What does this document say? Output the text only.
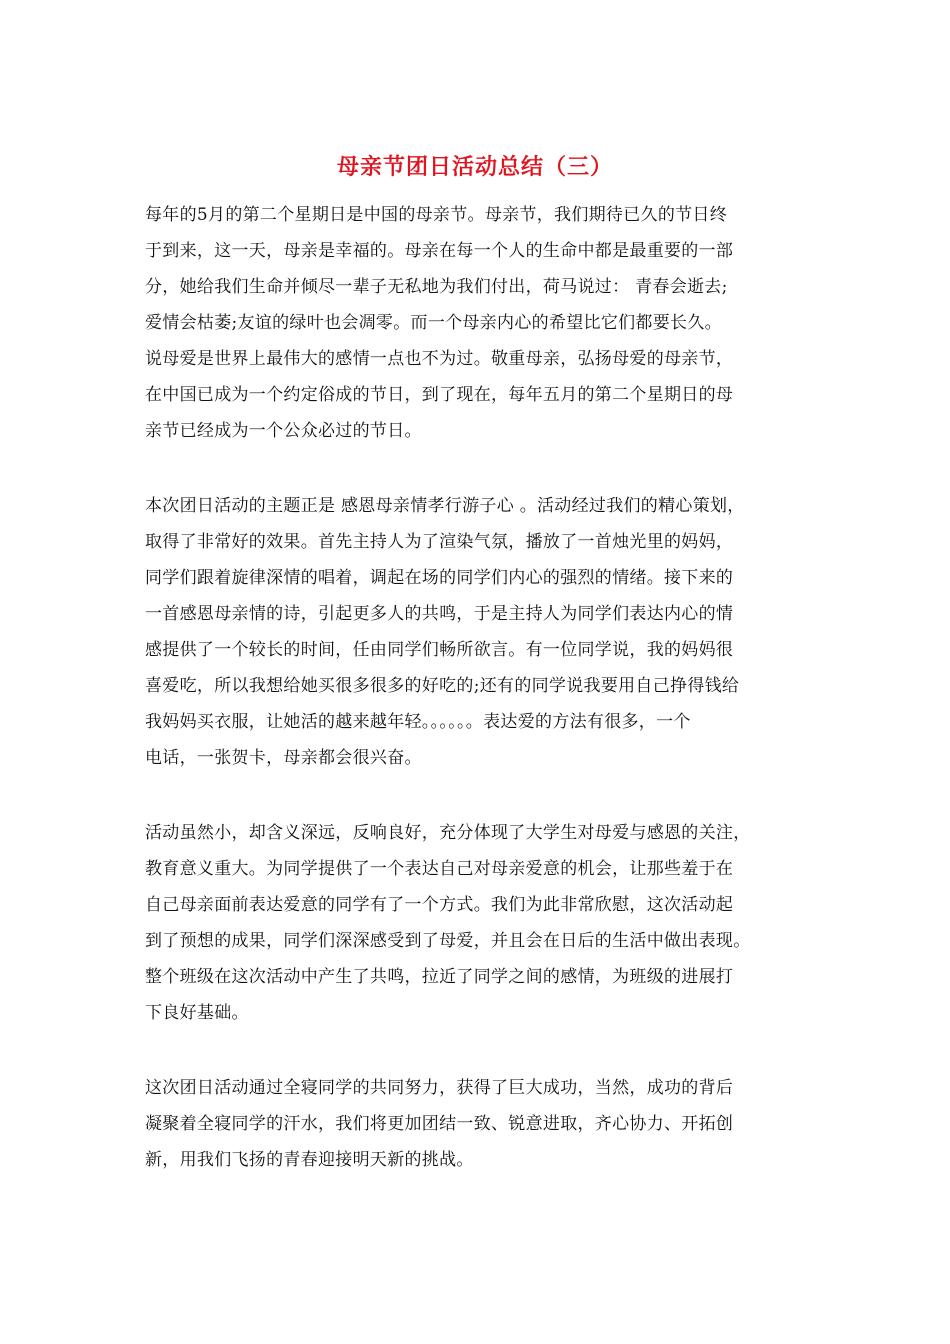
母亲节团日活动总结（三）
每年的5月的第二个星期日是中国的母亲节。母亲节，我们期待已久的节日终
于到来，这一天，母亲是幸福的。母亲在每一个人的生命中都是最重要的一部
分，她给我们生命并倾尽一辈子无私地为我们付出，荷马说过： 青春会逝去;
爱情会枯萎;友谊的绿叶也会凋零。而一个母亲内心的希望比它们都要长久。
说母爱是世界上最伟大的感情一点也不为过。敬重母亲，弘扬母爱的母亲节，
在中国已成为一个约定俗成的节日，到了现在，每年五月的第二个星期日的母
亲节已经成为一个公众必过的节日。
本次团日活动的主题正是 感恩母亲情孝行游子心 。活动经过我们的精心策划，
取得了非常好的效果。首先主持人为了渲染气氛，播放了一首烛光里的妈妈，
同学们跟着旋律深情的唱着，调起在场的同学们内心的强烈的情绪。接下来的
一首感恩母亲情的诗，引起更多人的共鸣，于是主持人为同学们表达内心的情
感提供了一个较长的时间，任由同学们畅所欲言。有一位同学说，我的妈妈很
喜爱吃，所以我想给她买很多很多的好吃的;还有的同学说我要用自己挣得钱给
我妈妈买衣服，让她活的越来越年轻。。。。。。表达爱的方法有很多，一个
电话，一张贺卡，母亲都会很兴奋。
活动虽然小，却含义深远，反响良好，充分体现了大学生对母爱与感恩的关注，
教育意义重大。为同学提供了一个表达自己对母亲爱意的机会，让那些羞于在
自己母亲面前表达爱意的同学有了一个方式。我们为此非常欣慰，这次活动起
到了预想的成果，同学们深深感受到了母爱，并且会在日后的生活中做出表现。
整个班级在这次活动中产生了共鸣，拉近了同学之间的感情，为班级的进展打
下良好基础。
这次团日活动通过全寝同学的共同努力，获得了巨大成功，当然，成功的背后
凝聚着全寝同学的汗水，我们将更加团结一致、锐意进取，齐心协力、开拓创
新，用我们飞扬的青春迎接明天新的挑战。
